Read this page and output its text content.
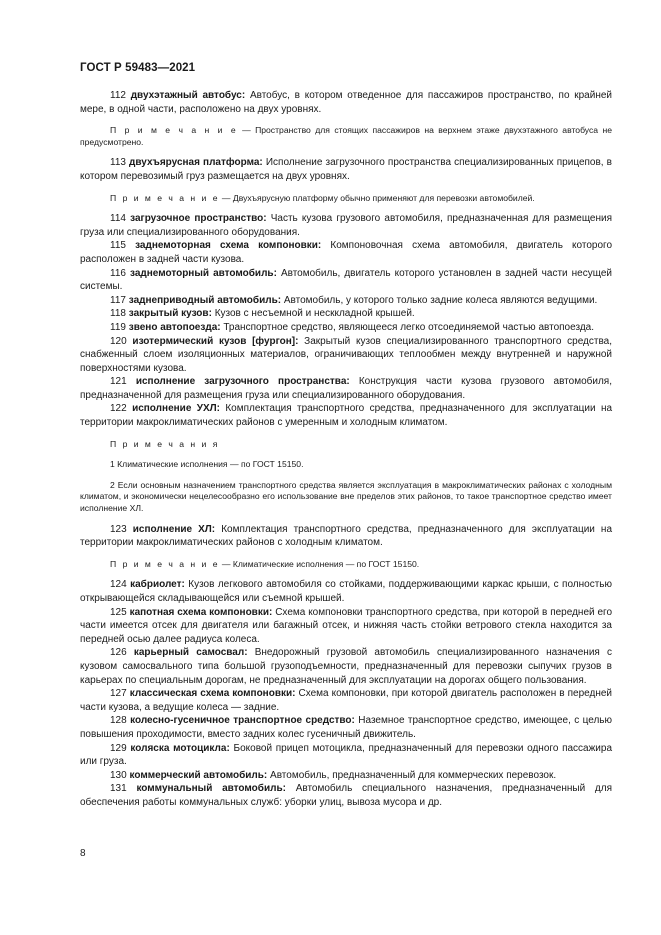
ГОСТ Р 59483—2021

112 двухэтажный автобус: Автобус, в котором отведенное для пассажиров пространство, по крайней мере, в одной части, расположено на двух уровнях.

П р и м е ч а н и е — Пространство для стоящих пассажиров на верхнем этаже двухэтажного автобуса не предусмотрено.

113 двухъярусная платформа: Исполнение загрузочного пространства специализированных прицепов, в котором перевозимый груз размещается на двух уровнях.

П р и м е ч а н и е — Двухъярусную платформу обычно применяют для перевозки автомобилей.

114 загрузочное пространство: Часть кузова грузового автомобиля, предназначенная для размещения груза или специализированного оборудования.

115 заднемоторная схема компоновки: Компоновочная схема автомобиля, двигатель которого расположен в задней части кузова.

116 заднемоторный автомобиль: Автомобиль, двигатель которого установлен в задней части несущей системы.

117 заднеприводный автомобиль: Автомобиль, у которого только задние колеса являются ведущими.

118 закрытый кузов: Кузов с несъемной и несккладной крышей.

119 звено автопоезда: Транспортное средство, являющееся легко отсоединяемой частью автопоезда.

120 изотермический кузов [фургон]: Закрытый кузов специализированного транспортного средства, снабженный слоем изоляционных материалов, ограничивающих теплообмен между внутренней и наружной поверхностями кузова.

121 исполнение загрузочного пространства: Конструкция части кузова грузового автомобиля, предназначенной для размещения груза или специализированного оборудования.

122 исполнение УХЛ: Комплектация транспортного средства, предназначенного для эксплуатации на территории макроклиматических районов с умеренным и холодным климатом.

П р и м е ч а н и я

1 Климатические исполнения — по ГОСТ 15150.

2 Если основным назначением транспортного средства является эксплуатация в макроклиматических районах с холодным климатом, и экономически нецелесообразно его использование вне пределов этих районов, то такое транспортное средство имеет исполнение ХЛ.

123 исполнение ХЛ: Комплектация транспортного средства, предназначенного для эксплуатации на территории макроклиматических районов с холодным климатом.

П р и м е ч а н и е — Климатические исполнения — по ГОСТ 15150.

124 кабриолет: Кузов легкового автомобиля со стойками, поддерживающими каркас крыши, с полностью открывающейся складывающейся или съемной крышей.

125 капотная схема компоновки: Схема компоновки транспортного средства, при которой в передней его части имеется отсек для двигателя или багажный отсек, и нижняя часть стойки ветрового стекла находится за передней осью далее радиуса колеса.

126 карьерный самосвал: Внедорожный грузовой автомобиль специализированного назначения с кузовом самосвального типа большой грузоподъемности, предназначенный для перевозки сыпучих грузов в карьерах по специальным дорогам, не предназначенный для эксплуатации на дорогах общего пользования.

127 классическая схема компоновки: Схема компоновки, при которой двигатель расположен в передней части кузова, а ведущие колеса — задние.

128 колесно-гусеничное транспортное средство: Наземное транспортное средство, имеющее, с целью повышения проходимости, вместо задних колес гусеничный движитель.

129 коляска мотоцикла: Боковой прицеп мотоцикла, предназначенный для перевозки одного пассажира или груза.

130 коммерческий автомобиль: Автомобиль, предназначенный для коммерческих перевозок.

131 коммунальный автомобиль: Автомобиль специального назначения, предназначенный для обеспечения работы коммунальных служб: уборки улиц, вывоза мусора и др.

8
